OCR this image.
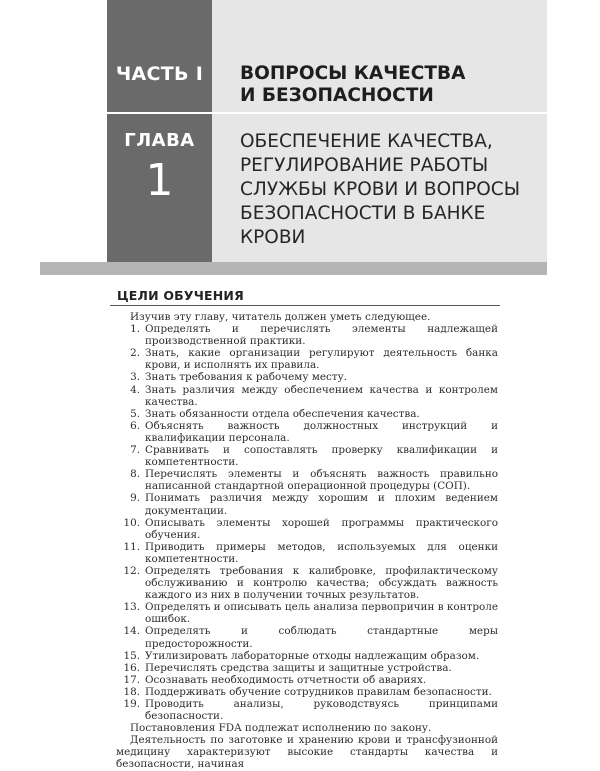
ЧАСТЬ I	ВОПРОСЫ КАЧЕСТВА
И БЕЗОПАСНОСТИ
ГЛАВА
1
ОБЕСПЕЧЕНИЕ КАЧЕСТВА,
РЕГУЛИРОВАНИЕ РАБОТЫ
СЛУЖБЫ КРОВИ И ВОПРОСЫ
БЕЗОПАСНОСТИ В БАНКЕ
КРОВИ
ЦЕЛИ ОБУЧЕНИЯ

Изучив эту главу, читатель должен уметь следующее.

1. Определять и перечислять элементы надлежащей производственной практики.
2. Знать, какие организации регулируют деятельность банка крови, и исполнять их правила.
3. Знать требования к рабочему месту.
4. Знать различия между обеспечением качества и контролем качества.
5. Знать обязанности отдела обеспечения качества.
6. Объяснять важность должностных инструкций и квалификации персонала.
7. Сравнивать и сопоставлять проверку квалификации и компетентности.
8. Перечислять элементы и объяснять важность правильно написанной стандартной операционной процедуры (СОП).
9. Понимать различия между хорошим и плохим ведением документации.
10. Описывать элементы хорошей программы практического обучения.
11. Приводить примеры методов, используемых для оценки компетентности.
12. Определять требования к калибровке, профилактическому обслуживанию и контролю качества; обсуждать важность каждого из них в получении точных результатов.
13. Определять и описывать цель анализа первопричин в контроле ошибок.
14. Определять и соблюдать стандартные меры предосторожности.
15. Утилизировать лабораторные отходы надлежащим образом.
16. Перечислять средства защиты и защитные устройства.
17. Осознавать необходимость отчетности об авариях.
18. Поддерживать обучение сотрудников правилам безопасности.
19. Проводить анализы, руководствуясь принципами безопасности.

Постановления FDA подлежат исполнению по закону.

Деятельность по заготовке и хранению крови и трансфузионной медицину характеризуют высокие стандарты качества и безопасности, начиная
